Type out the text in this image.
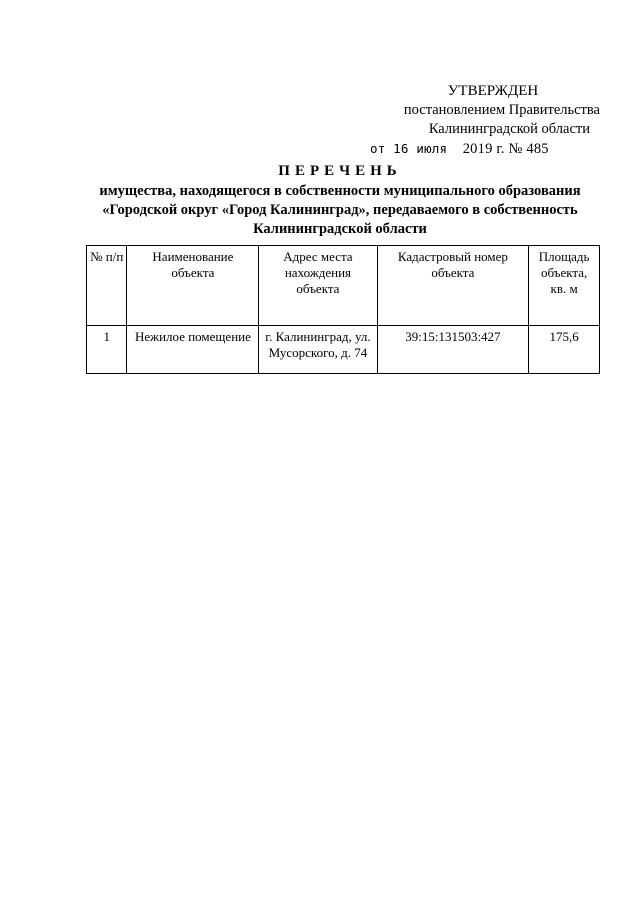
УТВЕРЖДЕН
постановлением Правительства
Калининградской области
от 16 июля 2019 г. № 485
ПЕРЕЧЕНЬ
имущества, находящегося в собственности муниципального образования
«Городской округ «Город Калининград», передаваемого в собственность
Калининградской области
№ п/п	Наименование объекта	Адрес места нахождения объекта	Кадастровый номер объекта	Площадь объекта, кв. м
1	Нежилое помещение	г. Калининград, ул. Мусорского, д. 74	39:15:131503:427	175,6
